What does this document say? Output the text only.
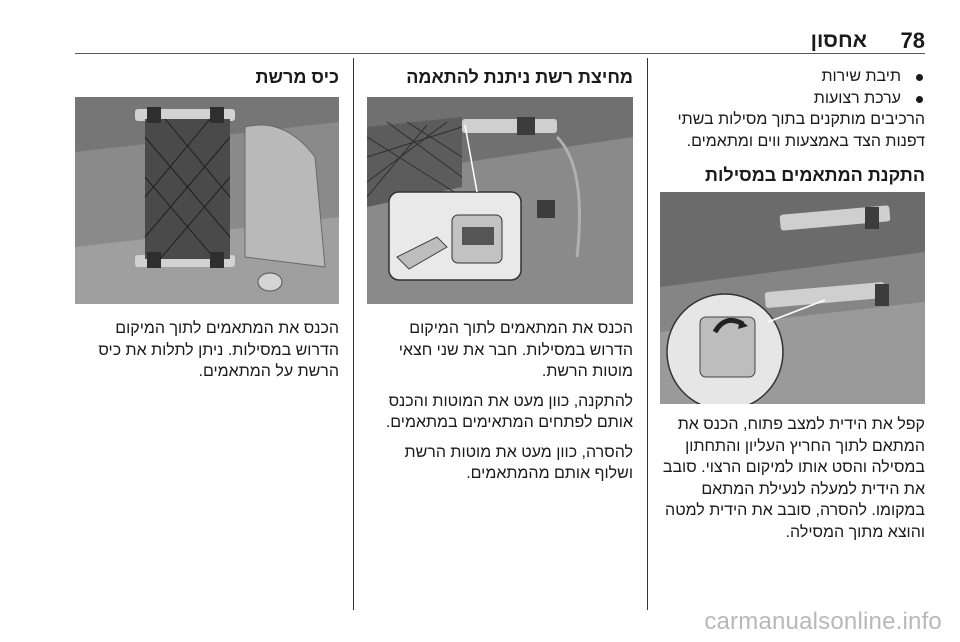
אחסון 78
תיבת שירות
ערכת רצועות

הרכיבים מותקנים בתוך מסילות בשתי דפנות הצד באמצעות ווים ומתאמים.

התקנת המתאמים במסילות

קפל את הידית למצב פתוח, הכנס את המתאם לתוך החריץ העליון והתחתון במסילה והסט אותו למיקום הרצוי. סובב את הידית למעלה לנעילת המתאם במקומו. להסרה, סובב את הידית למטה והוצא מתוך המסילה.

מחיצת רשת ניתנת להתאמה

הכנס את המתאמים לתוך המיקום הדרוש במסילות. חבר את שני חצאי מוטות הרשת.

להתקנה, כוון מעט את המוטות והכנס אותם לפתחים המתאימים במתאמים.

להסרה, כוון מעט את מוטות הרשת ושלוף אותם מהמתאמים.

כיס מרשת

הכנס את המתאמים לתוך המיקום הדרוש במסילות. ניתן לתלות את כיס הרשת על המתאמים.

carmanualsonline.info
